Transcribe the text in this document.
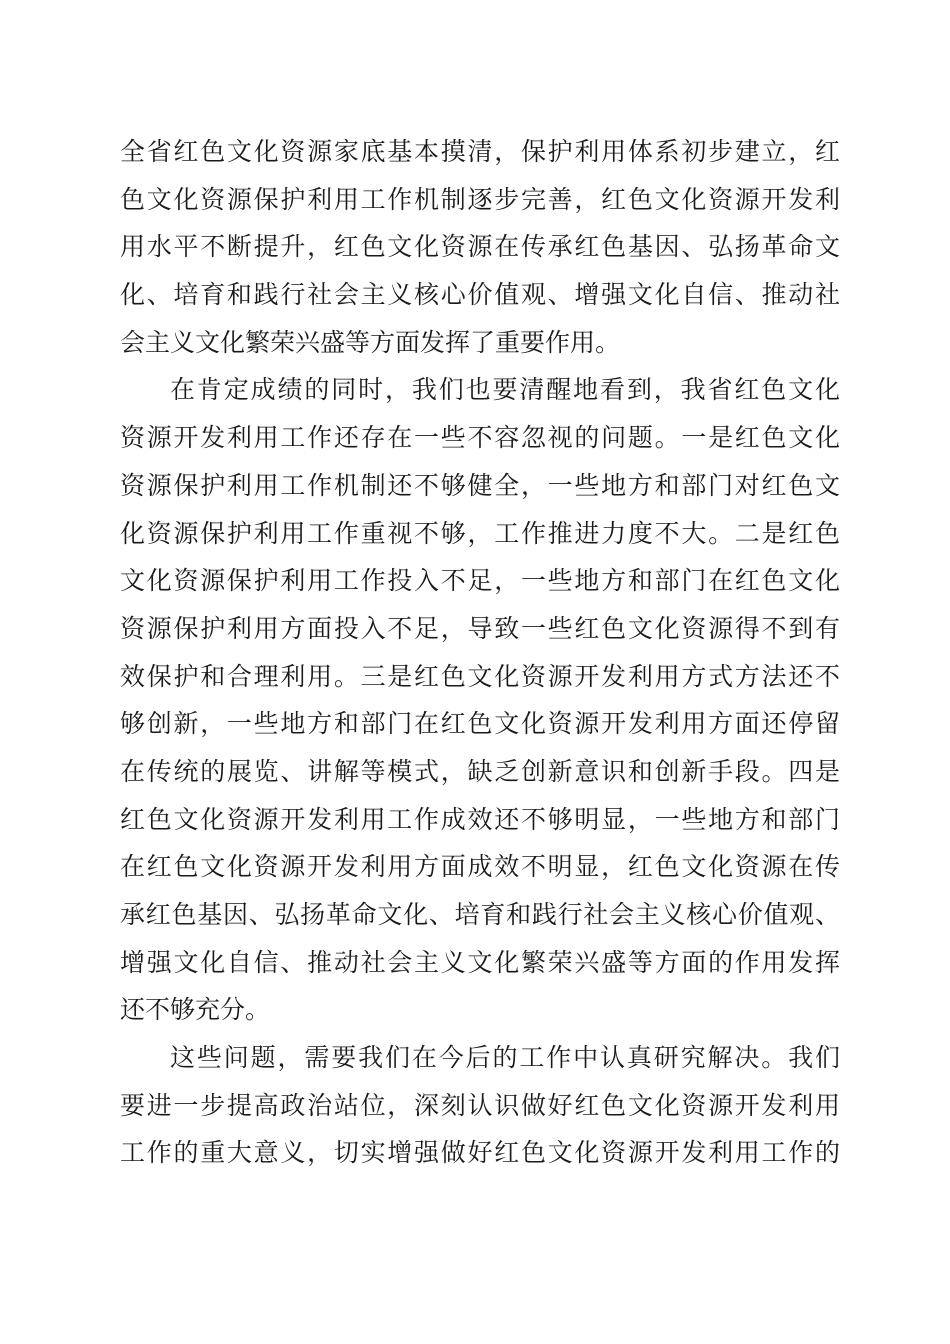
全省红色文化资源家底基本摸清，保护利用体系初步建立，红
色文化资源保护利用工作机制逐步完善，红色文化资源开发利
用水平不断提升，红色文化资源在传承红色基因、弘扬革命文
化、培育和践行社会主义核心价值观、增强文化自信、推动社
会主义文化繁荣兴盛等方面发挥了重要作用。
在肯定成绩的同时，我们也要清醒地看到，我省红色文化
资源开发利用工作还存在一些不容忽视的问题。一是红色文化
资源保护利用工作机制还不够健全，一些地方和部门对红色文
化资源保护利用工作重视不够，工作推进力度不大。二是红色
文化资源保护利用工作投入不足，一些地方和部门在红色文化
资源保护利用方面投入不足，导致一些红色文化资源得不到有
效保护和合理利用。三是红色文化资源开发利用方式方法还不
够创新，一些地方和部门在红色文化资源开发利用方面还停留
在传统的展览、讲解等模式，缺乏创新意识和创新手段。四是
红色文化资源开发利用工作成效还不够明显，一些地方和部门
在红色文化资源开发利用方面成效不明显，红色文化资源在传
承红色基因、弘扬革命文化、培育和践行社会主义核心价值观、
增强文化自信、推动社会主义文化繁荣兴盛等方面的作用发挥
还不够充分。
这些问题，需要我们在今后的工作中认真研究解决。我们
要进一步提高政治站位，深刻认识做好红色文化资源开发利用
工作的重大意义，切实增强做好红色文化资源开发利用工作的
